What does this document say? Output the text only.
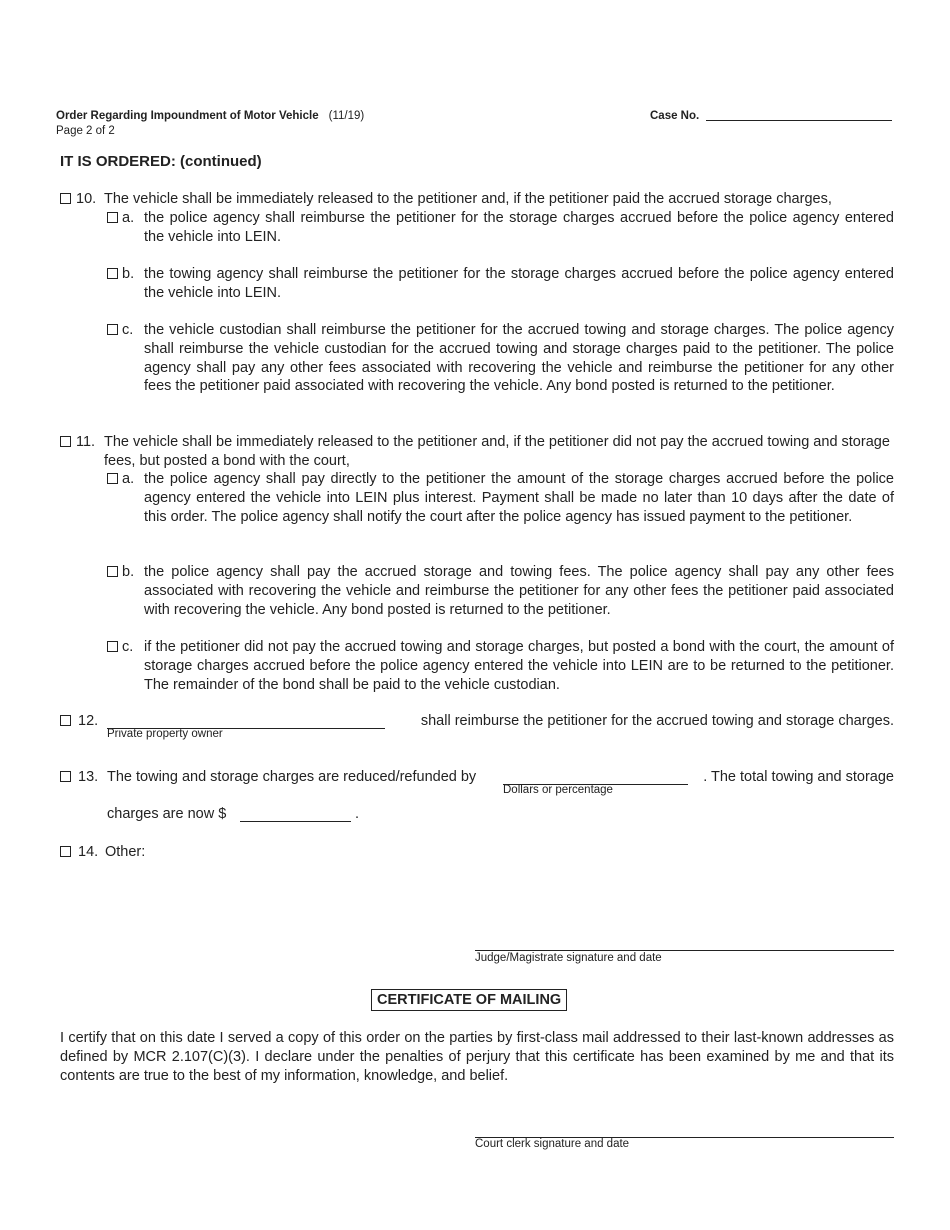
Order Regarding Impoundment of Motor Vehicle (11/19)
Page 2 of 2
Case No.
IT IS ORDERED: (continued)
10. The vehicle shall be immediately released to the petitioner and, if the petitioner paid the accrued storage charges,
a. the police agency shall reimburse the petitioner for the storage charges accrued before the police agency entered the vehicle into LEIN.
b. the towing agency shall reimburse the petitioner for the storage charges accrued before the police agency entered the vehicle into LEIN.
c. the vehicle custodian shall reimburse the petitioner for the accrued towing and storage charges. The police agency shall reimburse the vehicle custodian for the accrued towing and storage charges paid to the petitioner. The police agency shall pay any other fees associated with recovering the vehicle and reimburse the petitioner for any other fees the petitioner paid associated with recovering the vehicle. Any bond posted is returned to the petitioner.
11. The vehicle shall be immediately released to the petitioner and, if the petitioner did not pay the accrued towing and storage fees, but posted a bond with the court,
a. the police agency shall pay directly to the petitioner the amount of the storage charges accrued before the police agency entered the vehicle into LEIN plus interest. Payment shall be made no later than 10 days after the date of this order. The police agency shall notify the court after the police agency has issued payment to the petitioner.
b. the police agency shall pay the accrued storage and towing fees. The police agency shall pay any other fees associated with recovering the vehicle and reimburse the petitioner for any other fees the petitioner paid associated with recovering the vehicle. Any bond posted is returned to the petitioner.
c. if the petitioner did not pay the accrued towing and storage charges, but posted a bond with the court, the amount of storage charges accrued before the police agency entered the vehicle into LEIN are to be returned to the petitioner. The remainder of the bond shall be paid to the vehicle custodian.
12.
Private property owner
shall reimburse the petitioner for the accrued towing and storage charges.
13. The towing and storage charges are reduced/refunded by
Dollars or percentage
. The total towing and storage
charges are now $	.
14. Other:
Judge/Magistrate signature and date
CERTIFICATE OF MAILING
I certify that on this date I served a copy of this order on the parties by first-class mail addressed to their last-known addresses as defined by MCR 2.107(C)(3). I declare under the penalties of perjury that this certificate has been examined by me and that its contents are true to the best of my information, knowledge, and belief.
Court clerk signature and date
